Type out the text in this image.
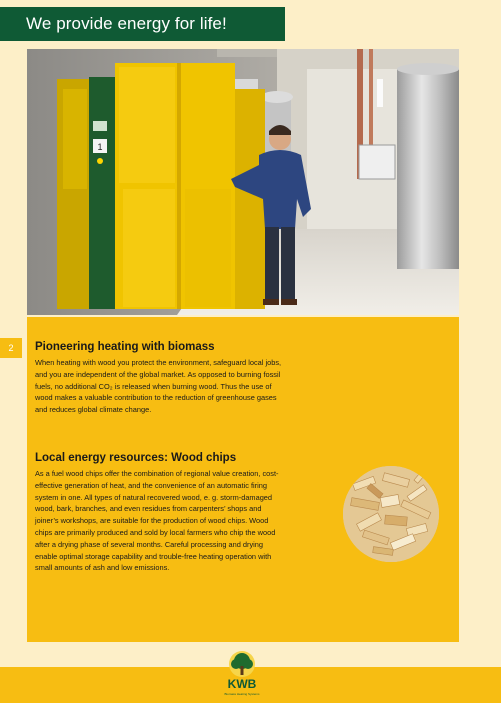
We provide energy for life!
1
2	Pioneering heating with biomass
When heating with wood you protect the environment, safeguard local jobs,
and you are independent of the global market. As opposed to burning fossil
fuels, no additional CO₂ is released when burning wood. Thus the use of
wood makes a valuable contribution to the reduction of greenhouse gases
and reduces global climate change.
Local energy resources: Wood chips
As a fuel wood chips offer the combination of regional value creation, cost-
effective generation of heat, and the convenience of an automatic firing
system in one. All types of natural recovered wood, e. g. storm-damaged
wood, bark, branches, and even residues from carpenters’ shops and
joiner’s workshops, are suitable for the production of wood chips. Wood
chips are primarily produced and sold by local farmers who chip the wood
after a drying phase of several months. Careful processing and drying
enable optimal storage capability and trouble-free heating operation with
small amounts of ash and low emissions.
KWB
Biomass Heating Systems
